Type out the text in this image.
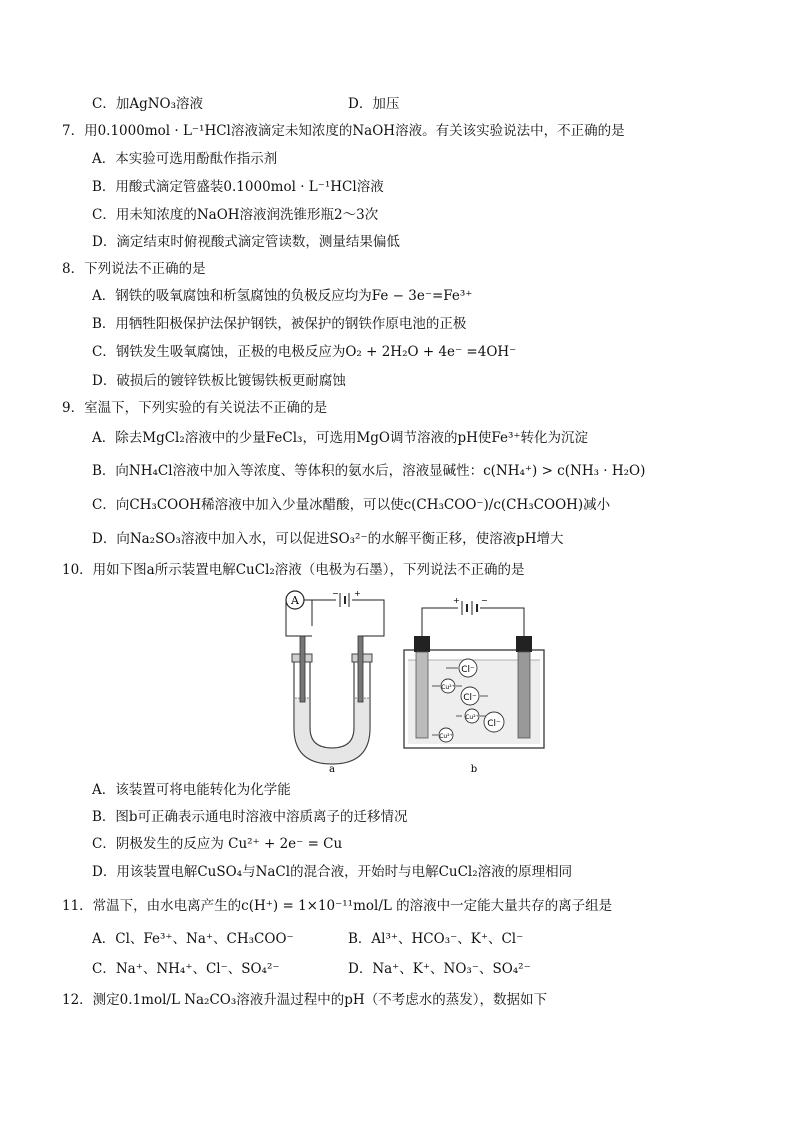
C．加AgNO₃溶液	D．加压
7．用0.1000mol · L⁻¹HCl溶液滴定未知浓度的NaOH溶液。有关该实验说法中，不正确的是
A．本实验可选用酚酞作指示剂
B．用酸式滴定管盛装0.1000mol · L⁻¹HCl溶液
C．用未知浓度的NaOH溶液润洗锥形瓶2～3次
D．滴定结束时俯视酸式滴定管读数，测量结果偏低
8．下列说法不正确的是
A．钢铁的吸氧腐蚀和析氢腐蚀的负极反应均为Fe − 3e⁻=Fe³⁺
B．用牺牲阳极保护法保护钢铁，被保护的钢铁作原电池的正极
C．钢铁发生吸氧腐蚀，正极的电极反应为O₂ + 2H₂O + 4e⁻ =4OH⁻
D．破损后的镀锌铁板比镀锡铁板更耐腐蚀
9．室温下，下列实验的有关说法不正确的是
A．除去MgCl₂溶液中的少量FeCl₃，可选用MgO调节溶液的pH使Fe³⁺转化为沉淀
B．向NH₄Cl溶液中加入等浓度、等体积的氨水后，溶液显碱性：c(NH₄⁺) > c(NH₃ · H₂O)
C．向CH₃COOH稀溶液中加入少量冰醋酸，可以使c(CH₃COO⁻)/c(CH₃COOH)减小
D．向Na₂SO₃溶液中加入水，可以促进SO₃²⁻的水解平衡正移，使溶液pH增大
10．用如下图a所示装置电解CuCl₂溶液（电极为石墨），下列说法不正确的是
A
− +
a
+	−
Cl⁻
Cu²⁺
Cl⁻
Cu²⁺
Cl⁻
Cu²⁺
b
A．该装置可将电能转化为化学能
B．图b可正确表示通电时溶液中溶质离子的迁移情况
C．阴极发生的反应为 Cu²⁺ + 2e⁻ = Cu
D．用该装置电解CuSO₄与NaCl的混合液，开始时与电解CuCl₂溶液的原理相同
11．常温下，由水电离产生的c(H⁺) = 1×10⁻¹¹mol/L 的溶液中一定能大量共存的离子组是
A．Cl、Fe³⁺、Na⁺、CH₃COO⁻	B．Al³⁺、HCO₃⁻、K⁺、Cl⁻
C．Na⁺、NH₄⁺、Cl⁻、SO₄²⁻	D．Na⁺、K⁺、NO₃⁻、SO₄²⁻
12．测定0.1mol/L Na₂CO₃溶液升温过程中的pH（不考虑水的蒸发），数据如下
